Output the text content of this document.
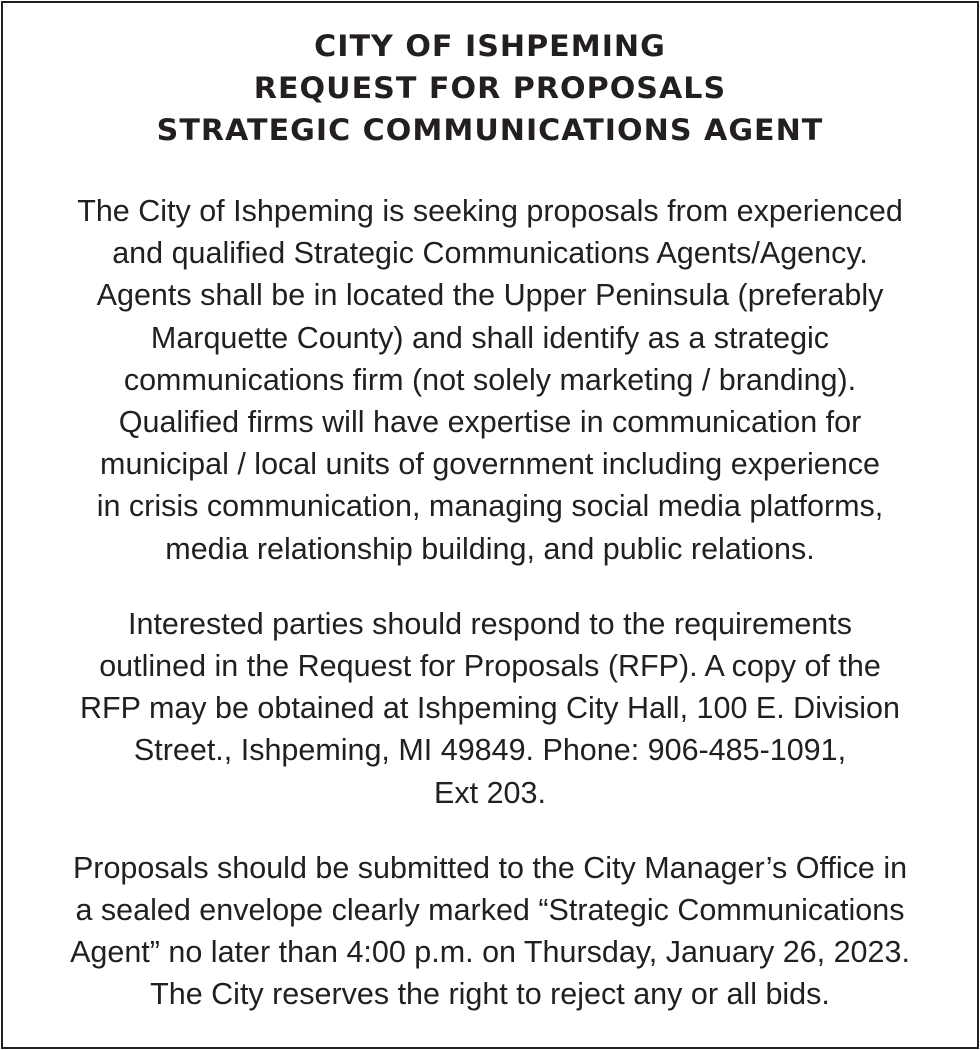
CITY OF ISHPEMING
REQUEST FOR PROPOSALS
STRATEGIC COMMUNICATIONS AGENT
The City of Ishpeming is seeking proposals from experienced
and qualified Strategic Communications Agents/Agency.
Agents shall be in located the Upper Peninsula (preferably
Marquette County) and shall identify as a strategic
communications firm (not solely marketing / branding).
Qualified firms will have expertise in communication for
municipal / local units of government including experience
in crisis communication, managing social media platforms,
media relationship building, and public relations.
Interested parties should respond to the requirements
outlined in the Request for Proposals (RFP). A copy of the
RFP may be obtained at Ishpeming City Hall, 100 E. Division
Street., Ishpeming, MI 49849. Phone: 906-485-1091,
Ext 203.
Proposals should be submitted to the City Manager’s Office in
a sealed envelope clearly marked “Strategic Communications
Agent” no later than 4:00 p.m. on Thursday, January 26, 2023.
The City reserves the right to reject any or all bids.
